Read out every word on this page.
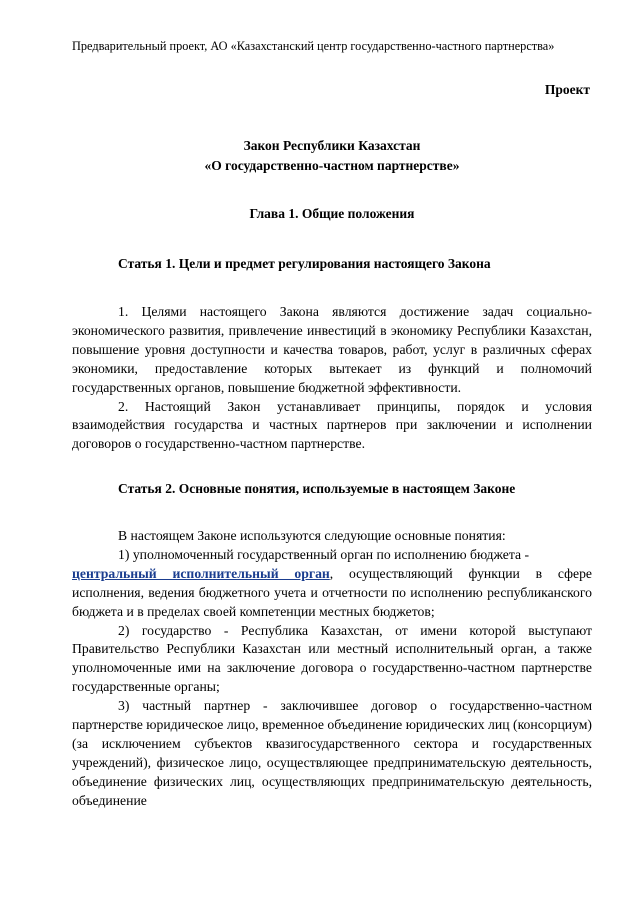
Предварительный проект, АО «Казахстанский центр государственно-частного партнерства»
Проект
Закон Республики Казахстан
«О государственно-частном партнерстве»
Глава 1. Общие положения
Статья 1. Цели и предмет регулирования настоящего Закона

1. Целями настоящего Закона являются достижение задач социально-экономического развития, привлечение инвестиций в экономику Республики Казахстан, повышение уровня доступности и качества товаров, работ, услуг в различных сферах экономики, предоставление которых вытекает из функций и полномочий государственных органов, повышение бюджетной эффективности.

2. Настоящий Закон устанавливает принципы, порядок и условия взаимодействия государства и частных партнеров при заключении и исполнении договоров о государственно-частном партнерстве.

Статья 2. Основные понятия, используемые в настоящем Законе

В настоящем Законе используются следующие основные понятия:

1) уполномоченный государственный орган по исполнению бюджета -
центральный исполнительный орган, осуществляющий функции в сфере исполнения, ведения бюджетного учета и отчетности по исполнению республиканского бюджета и в пределах своей компетенции местных бюджетов;

2) государство - Республика Казахстан, от имени которой выступают Правительство Республики Казахстан или местный исполнительный орган, а также уполномоченные ими на заключение договора о государственно-частном партнерстве государственные органы;

3) частный партнер - заключившее договор о государственно-частном партнерстве юридическое лицо, временное объединение юридических лиц (консорциум) (за исключением субъектов квазигосударственного сектора и государственных учреждений), физическое лицо, осуществляющее предпринимательскую деятельность, объединение физических лиц, осуществляющих предпринимательскую деятельность, объединение
